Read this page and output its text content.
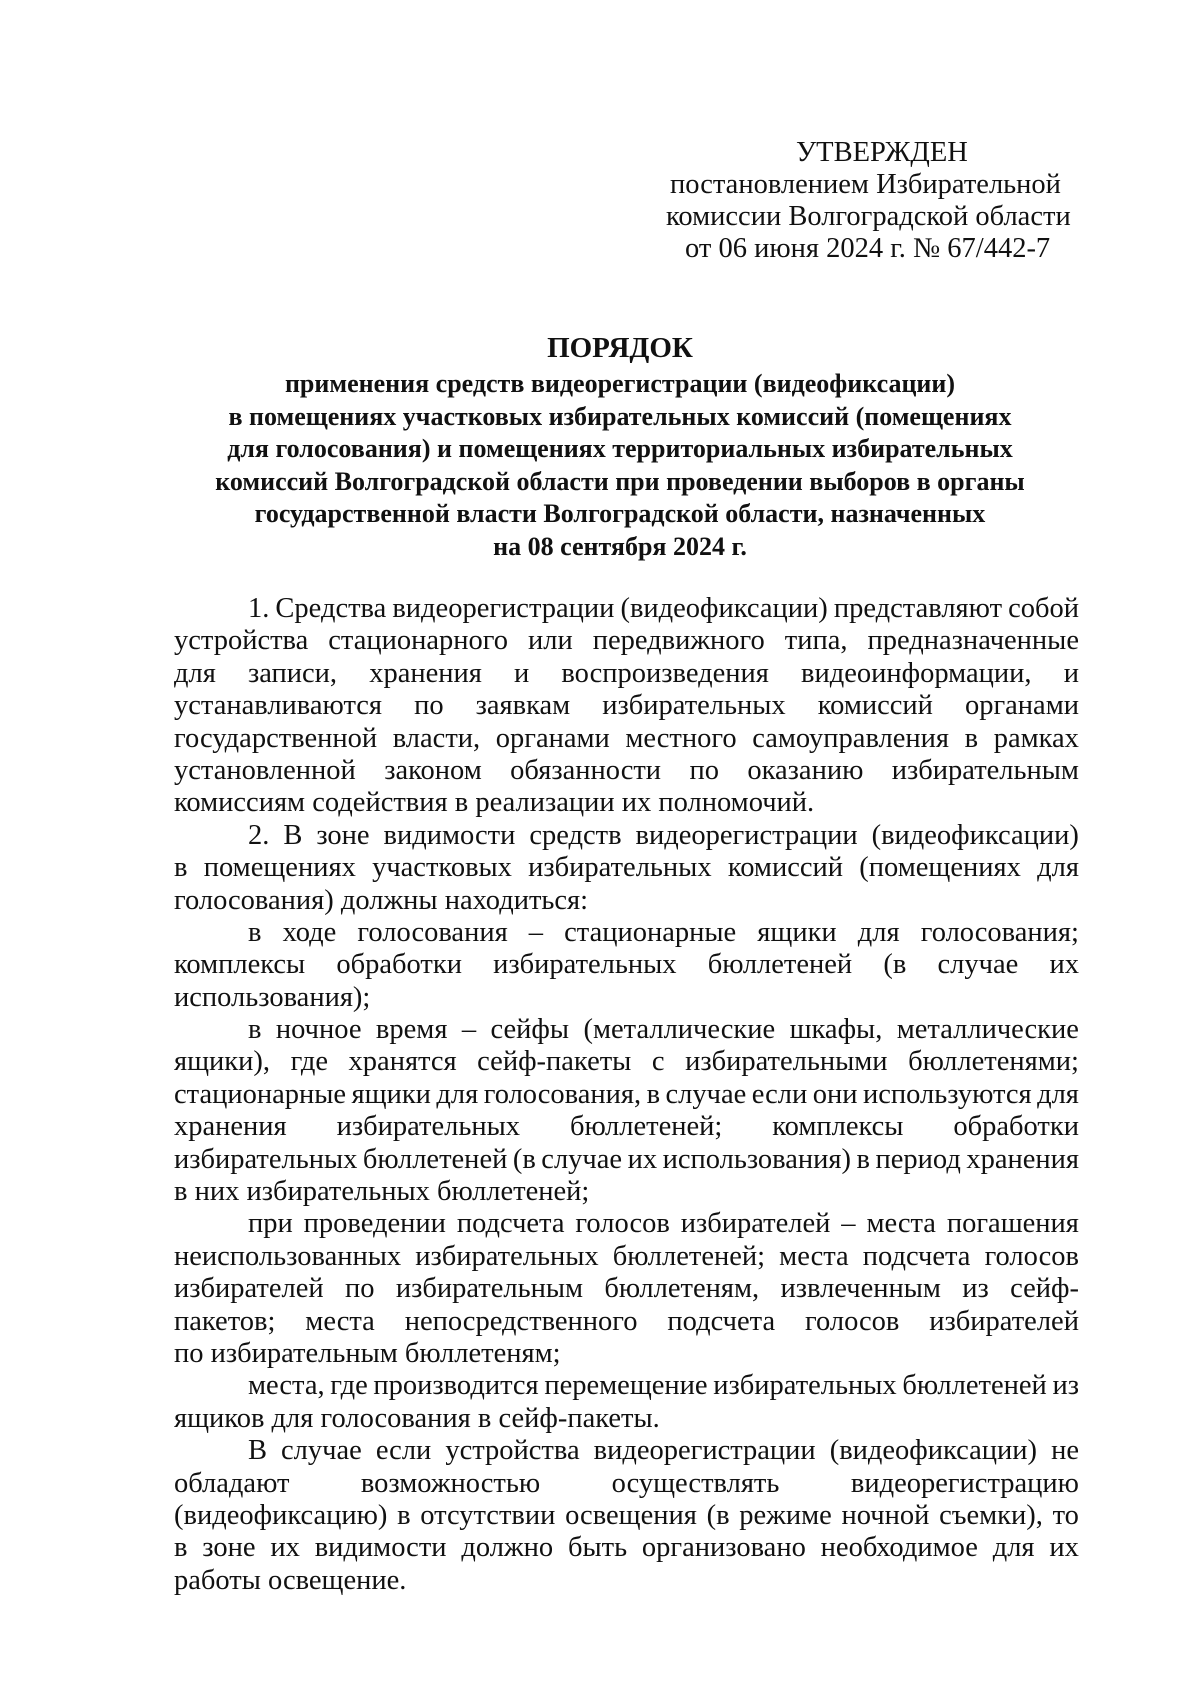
УТВЕРЖДЕН
постановлением Избирательной
комиссии Волгоградской области
от 06 июня 2024 г. № 67/442-7
ПОРЯДОК
применения средств видеорегистрации (видеофиксации)
в помещениях участковых избирательных комиссий (помещениях
для голосования) и помещениях территориальных избирательных
комиссий Волгоградской области при проведении выборов в органы
государственной власти Волгоградской области, назначенных
на 08 сентября 2024 г.
1. Средства видеорегистрации (видеофиксации) представляют собой
устройства стационарного или передвижного типа, предназначенные
для записи, хранения и воспроизведения видеоинформации, и
устанавливаются по заявкам избирательных комиссий органами
государственной власти, органами местного самоуправления в рамках
установленной законом обязанности по оказанию избирательным
комиссиям содействия в реализации их полномочий.
2. В зоне видимости средств видеорегистрации (видеофиксации)
в помещениях участковых избирательных комиссий (помещениях для
голосования) должны находиться:
в ходе голосования – стационарные ящики для голосования;
комплексы обработки избирательных бюллетеней (в случае их
использования);
в ночное время – сейфы (металлические шкафы, металлические
ящики), где хранятся сейф-пакеты с избирательными бюллетенями;
стационарные ящики для голосования, в случае если они используются для
хранения избирательных бюллетеней; комплексы обработки
избирательных бюллетеней (в случае их использования) в период хранения
в них избирательных бюллетеней;
при проведении подсчета голосов избирателей – места погашения
неиспользованных избирательных бюллетеней; места подсчета голосов
избирателей по избирательным бюллетеням, извлеченным из сейф-
пакетов; места непосредственного подсчета голосов избирателей
по избирательным бюллетеням;
места, где производится перемещение избирательных бюллетеней из
ящиков для голосования в сейф-пакеты.
В случае если устройства видеорегистрации (видеофиксации) не
обладают	возможностью	осуществлять	видеорегистрацию
(видеофиксацию) в отсутствии освещения (в режиме ночной съемки), то
в зоне их видимости должно быть организовано необходимое для их
работы освещение.
